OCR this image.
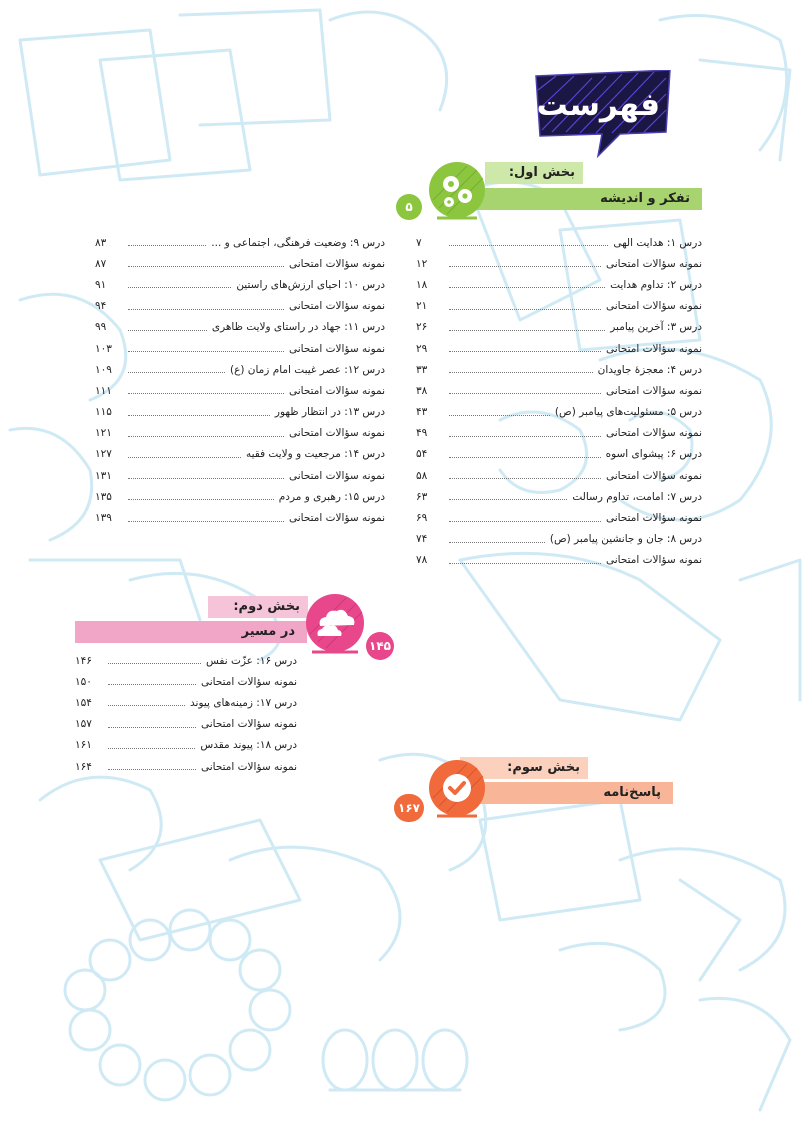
فهرست
بخش اول:
تفکر و اندیشه
۵
درس ۱: هدایت الهی
۷
نمونه سؤالات امتحانی
۱۲
درس ۲: تداوم هدایت
۱۸
نمونه سؤالات امتحانی
۲۱
درس ۳: آخرین پیامبر
۲۶
نمونه سؤالات امتحانی
۲۹
درس ۴: معجزهٔ جاویدان
۳۳
نمونه سؤالات امتحانی
۳۸
درس ۵: مسئولیت‌های پیامبر (ص)
۴۳
نمونه سؤالات امتحانی
۴۹
درس ۶: پیشوای اسوه
۵۴
نمونه سؤالات امتحانی
۵۸
درس ۷: امامت، تداوم رسالت
۶۳
نمونه سؤالات امتحانی
۶۹
درس ۸: جان و جانشین پیامبر (ص)
۷۴
نمونه سؤالات امتحانی
۷۸
درس ۹: وضعیت فرهنگی، اجتماعی و ...
۸۳
نمونه سؤالات امتحانی
۸۷
درس ۱۰: احیای ارزش‌های راستین
۹۱
نمونه سؤالات امتحانی
۹۴
درس ۱۱: جهاد در راستای ولایت ظاهری
۹۹
نمونه سؤالات امتحانی
۱۰۳
درس ۱۲: عصر غیبت امام زمان (ع)
۱۰۹
نمونه سؤالات امتحانی
۱۱۱
درس ۱۳: در انتظار ظهور
۱۱۵
نمونه سؤالات امتحانی
۱۲۱
درس ۱۴: مرجعیت و ولایت فقیه
۱۲۷
نمونه سؤالات امتحانی
۱۳۱
درس ۱۵: رهبری و مردم
۱۳۵
نمونه سؤالات امتحانی
۱۳۹
بخش دوم:
در مسیر
۱۴۵
درس ۱۶: عزّت نفس
۱۴۶
نمونه سؤالات امتحانی
۱۵۰
درس ۱۷: زمینه‌های پیوند
۱۵۴
نمونه سؤالات امتحانی
۱۵۷
درس ۱۸: پیوند مقدس
۱۶۱
نمونه سؤالات امتحانی
۱۶۴	بخش سوم:
پاسخ‌نامه
۱۶۷
